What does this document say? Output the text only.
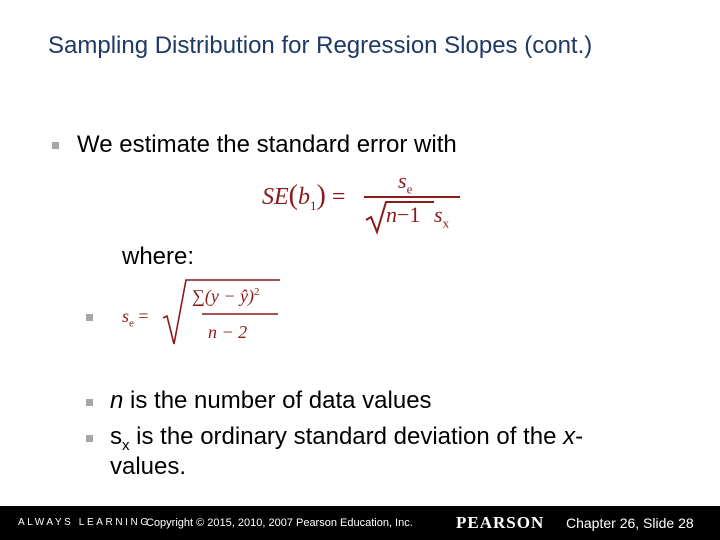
Sampling Distribution for Regression Slopes (cont.)
We estimate the standard error with
$SE(b_1)$ =
$s_e$
n−1 $s_x$
where:
$s_e$ =
∑(y − ŷ)$^2$
n − 2
n is the number of data values
$s_x$ is the ordinary standard deviation of the x-
values.
ALWAYS LEARNING
Copyright © 2015, 2010, 2007 Pearson Education, Inc.	PEARSON Chapter 26, Slide 28
